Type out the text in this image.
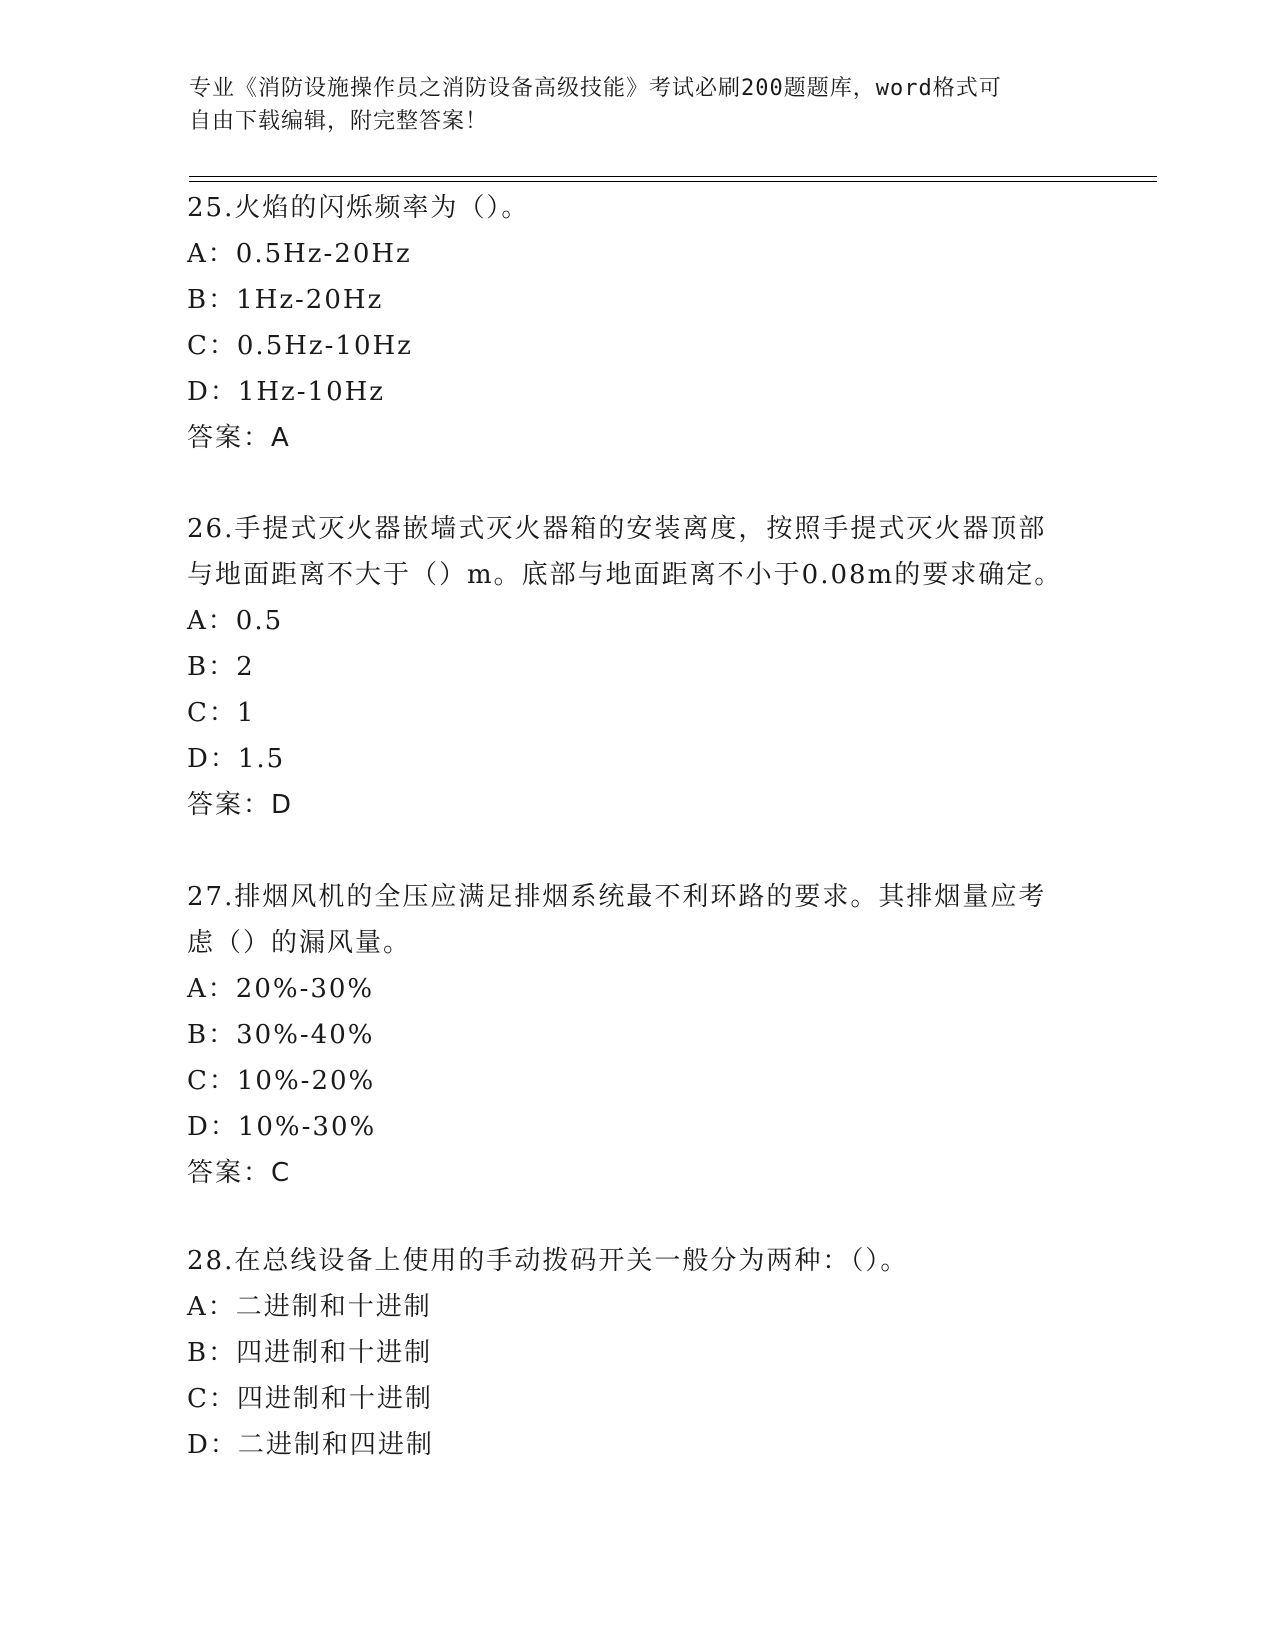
专业《消防设施操作员之消防设备高级技能》考试必刷200题题库，word格式可
自由下载编辑，附完整答案！
25.火焰的闪烁频率为（）。
A：0.5Hz-20Hz
B：1Hz-20Hz
C：0.5Hz-10Hz
D：1Hz-10Hz
答案：A
26.手提式灭火器嵌墙式灭火器箱的安装离度，按照手提式灭火器顶部
与地面距离不大于（）m。底部与地面距离不小于0.08m的要求确定。
A：0.5
B：2
C：1
D：1.5
答案：D
27.排烟风机的全压应满足排烟系统最不利环路的要求。其排烟量应考
虑（）的漏风量。
A：20%-30%
B：30%-40%
C：10%-20%
D：10%-30%
答案：C
28.在总线设备上使用的手动拨码开关一般分为两种：（）。
A：二进制和十进制
B：四进制和十进制
C：四进制和十进制
D：二进制和四进制
